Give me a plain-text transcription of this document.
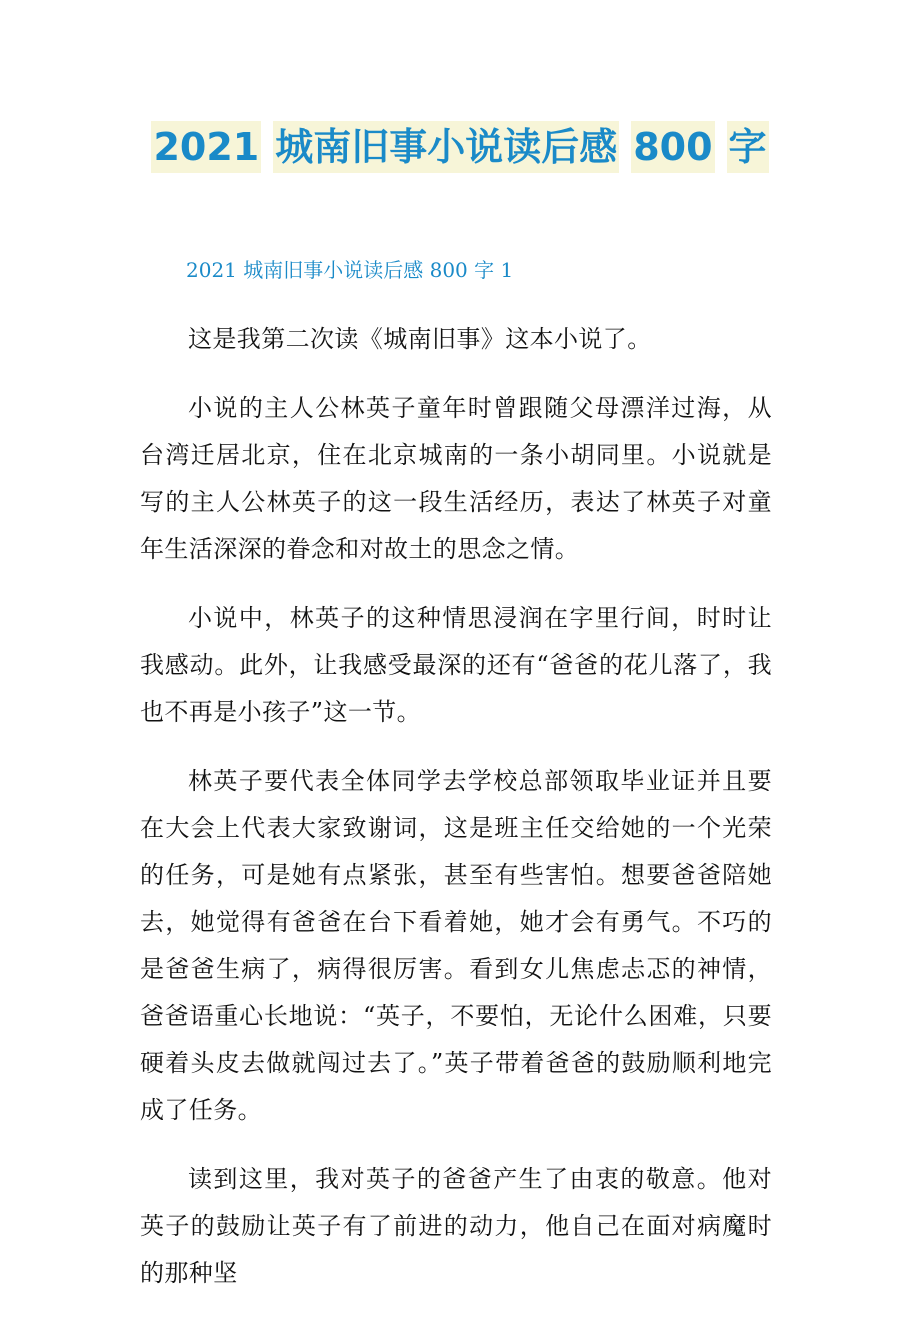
2021 城南旧事小说读后感 800 字
2021 城南旧事小说读后感 800 字 1

这是我第二次读《城南旧事》这本小说了。

小说的主人公林英子童年时曾跟随父母漂洋过海，从台湾迁居北京，住在北京城南的一条小胡同里。小说就是写的主人公林英子的这一段生活经历，表达了林英子对童年生活深深的眷念和对故土的思念之情。

小说中，林英子的这种情思浸润在字里行间，时时让我感动。此外，让我感受最深的还有“爸爸的花儿落了，我也不再是小孩子”这一节。

林英子要代表全体同学去学校总部领取毕业证并且要在大会上代表大家致谢词，这是班主任交给她的一个光荣的任务，可是她有点紧张，甚至有些害怕。想要爸爸陪她去，她觉得有爸爸在台下看着她，她才会有勇气。不巧的是爸爸生病了，病得很厉害。看到女儿焦虑忐忑的神情，爸爸语重心长地说：“英子，不要怕，无论什么困难，只要硬着头皮去做就闯过去了。”英子带着爸爸的鼓励顺利地完成了任务。

读到这里，我对英子的爸爸产生了由衷的敬意。他对英子的鼓励让英子有了前进的动力，他自己在面对病魔时的那种坚
